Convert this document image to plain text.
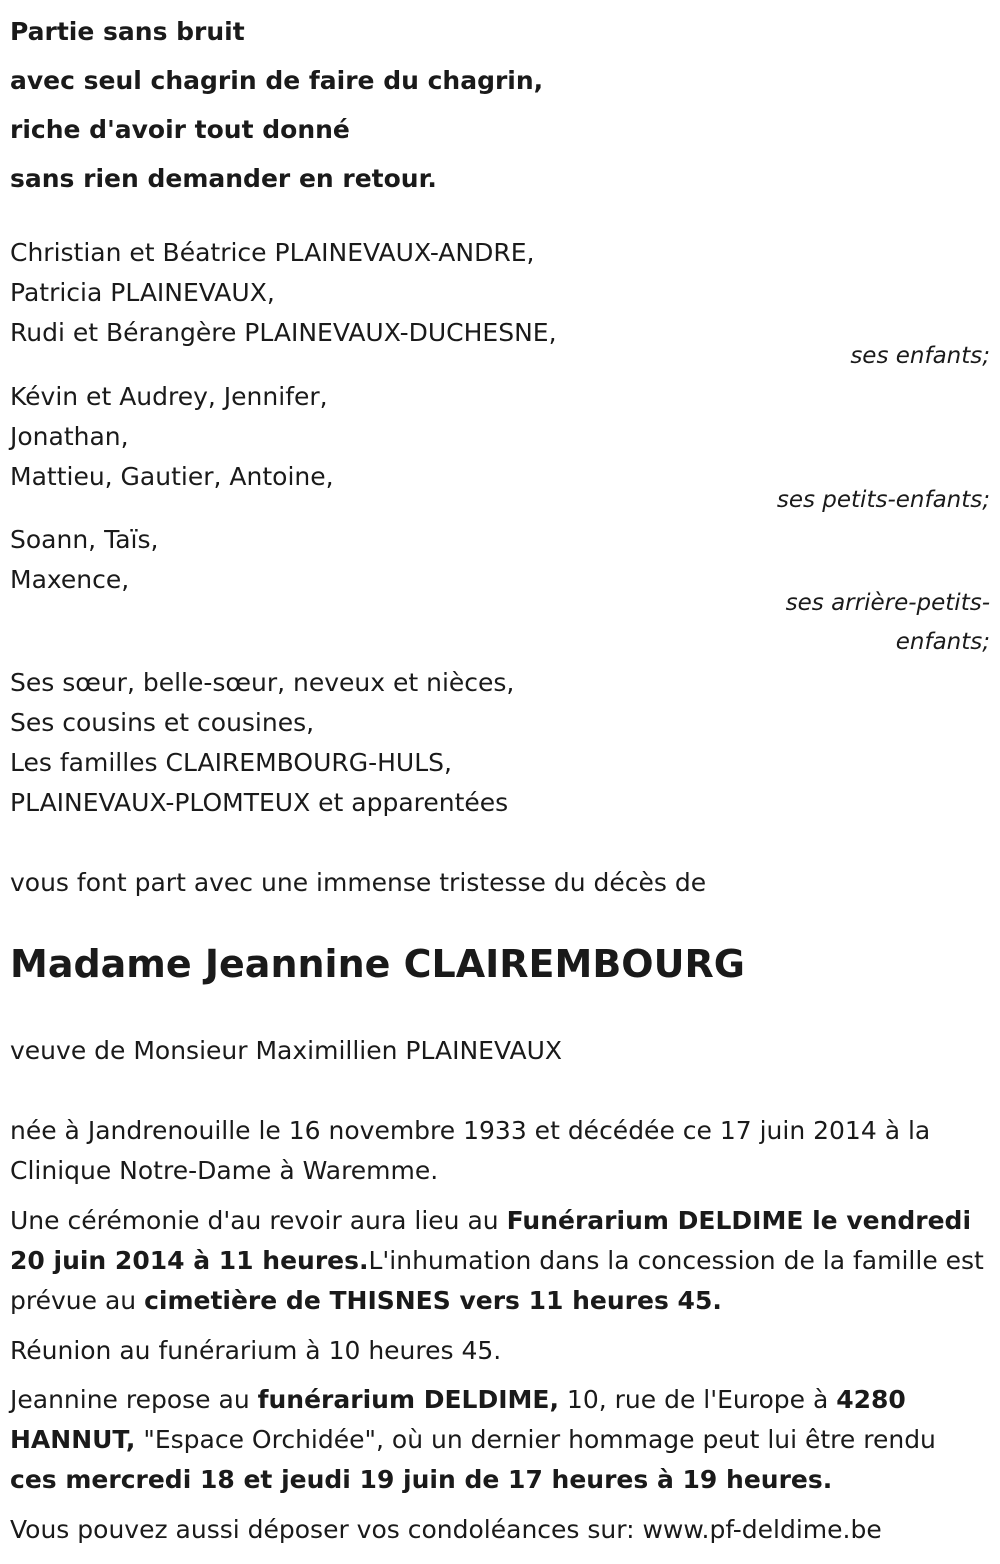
Partie sans bruit
avec seul chagrin de faire du chagrin,
riche d'avoir tout donné
sans rien demander en retour.
Christian et Béatrice PLAINEVAUX-ANDRE,
Patricia PLAINEVAUX,
Rudi et Bérangère PLAINEVAUX-DUCHESNE,
ses enfants;
Kévin et Audrey, Jennifer,
Jonathan,
Mattieu, Gautier, Antoine,
ses petits-enfants;
Soann, Taïs,
Maxence,
ses arrière-petits-
enfants;
Ses sœur, belle-sœur, neveux et nièces,
Ses cousins et cousines,
Les familles CLAIREMBOURG-HULS,
PLAINEVAUX-PLOMTEUX et apparentées
vous font part avec une immense tristesse du décès de
Madame Jeannine CLAIREMBOURG
veuve de Monsieur Maximillien PLAINEVAUX
née à Jandrenouille le 16 novembre 1933 et décédée ce 17 juin 2014 à la Clinique Notre-Dame à Waremme.
Une cérémonie d'au revoir aura lieu au Funérarium DELDIME le vendredi 20 juin 2014 à 11 heures.L'inhumation dans la concession de la famille est prévue au cimetière de THISNES vers 11 heures 45.
Réunion au funérarium à 10 heures 45.
Jeannine repose au funérarium DELDIME, 10, rue de l'Europe à 4280 HANNUT, "Espace Orchidée", où un dernier hommage peut lui être rendu ces mercredi 18 et jeudi 19 juin de 17 heures à 19 heures.
Vous pouvez aussi déposer vos condoléances sur: www.pf-deldime.be
